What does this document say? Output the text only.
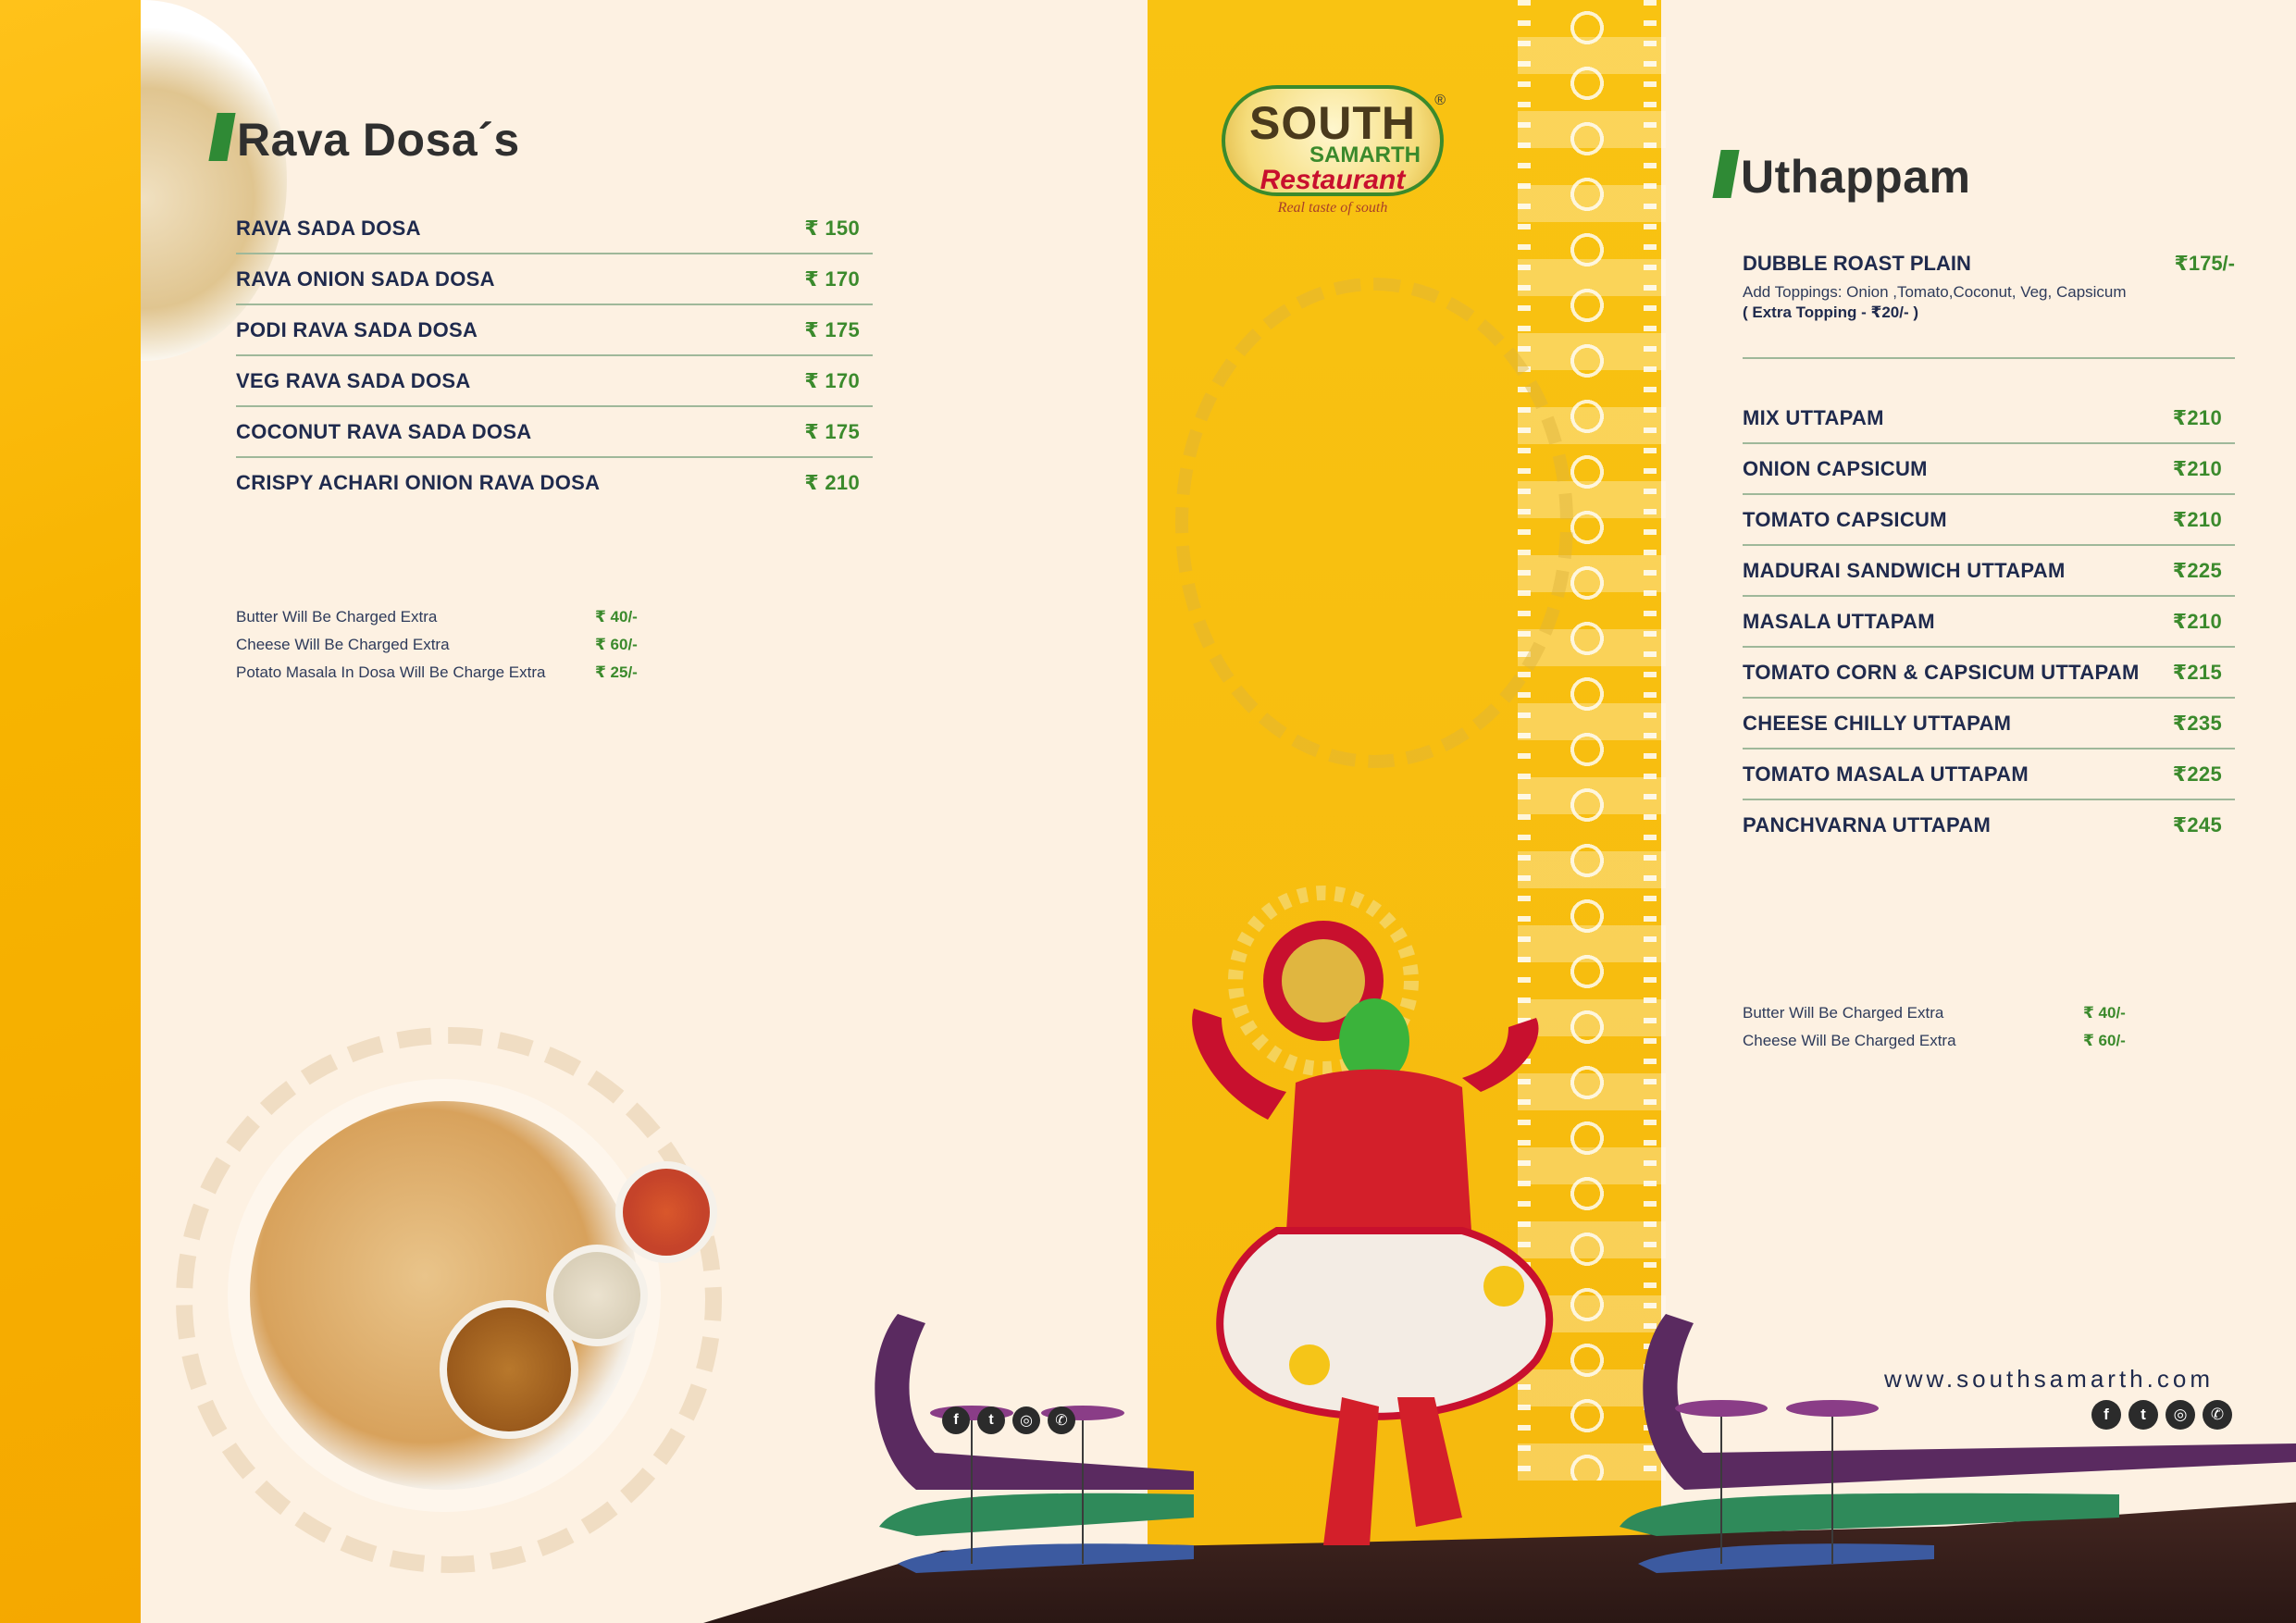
Rava Dosa´s
RAVA SADA DOSA	₹ 150
RAVA ONION SADA DOSA	₹ 170
PODI RAVA SADA DOSA	₹ 175
VEG RAVA SADA DOSA	₹ 170
COCONUT RAVA SADA DOSA	₹ 175
CRISPY ACHARI ONION RAVA DOSA	₹ 210
Butter Will Be Charged Extra	₹ 40/-
Cheese Will Be Charged Extra	₹ 60/-
Potato Masala In Dosa Will Be Charge Extra	₹ 25/-
SOUTH
SAMARTH
Restaurant
®
Real taste of south
Uthappam
DUBBLE ROAST PLAIN	₹175/-
Add Toppings: Onion ,Tomato,Coconut, Veg, Capsicum
( Extra Topping - ₹20/- )
MIX UTTAPAM	₹210
ONION CAPSICUM	₹210
TOMATO CAPSICUM	₹210
MADURAI SANDWICH UTTAPAM	₹225
MASALA UTTAPAM	₹210
TOMATO CORN & CAPSICUM UTTAPAM ₹215
CHEESE CHILLY UTTAPAM	₹235
TOMATO MASALA UTTAPAM	₹225
PANCHVARNA UTTAPAM	₹245
Butter Will Be Charged Extra	₹ 40/-
Cheese Will Be Charged Extra	₹ 60/-
www.southsamarth.com
f	t	◎	✆
f	t	◎	✆
